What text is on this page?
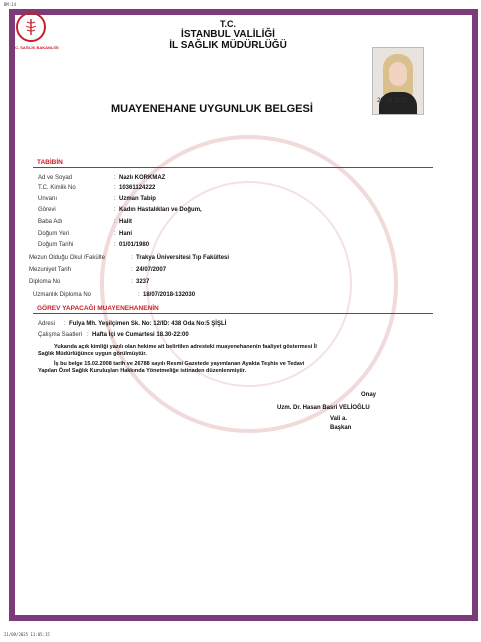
BM:14
T.C. SAĞLIK BAKANLIĞI
T.C.
İSTANBUL VALİLİĞİ
İL SAĞLIK MÜDÜRLÜĞÜ
MUAYENEHANE UYGUNLUK BELGESİ
22.09.2025
TABİBİN
Ad ve Soyad	: Nazlı KORKMAZ
T.C. Kimlik No	: 10361124222
Unvanı	: Uzman Tabip
Görevi	: Kadın Hastalıkları ve Doğum,
Baba Adı	: Halit
Doğum Yeri	: Hani
Doğum Tarihi	: 01/01/1980
Mezun Olduğu Okul /Fakülte	: Trakya Üniversitesi Tıp Fakültesi
Mezuniyet Tarih	: 24/07/2007
Diploma No	: 3237
Uzmanlık Diploma No	: 18/07/2018-132030
GÖREV YAPACAĞI MUAYENEHANENİN
Adresi : Fulya Mh. Yeşilçimen Sk. No: 12/ID: 438 Oda No:5 ŞİŞLİ
Çalışma Saatleri : Hafta İçi ve Cumartesi 18.30-22:00
Yukarıda açık kimliği yazılı olan hekime ait belirtilen adresteki muayenehanenin faaliyet göstermesi İl
Sağlık Müdürlüğünce uygun görülmüştür.
İş bu belge 15.02.2008 tarih ve 26788 sayılı Resmi Gazetede yayımlanan Ayakta Teşhis ve Tedavi
Yapılan Özel Sağlık Kuruluşları Hakkında Yönetmeliğe istinaden düzenlenmiştir.
Onay
Uzm. Dr. Hasan Basri VELİOĞLU
Vali a.
Başkan
21/09/2025 11:05:15
